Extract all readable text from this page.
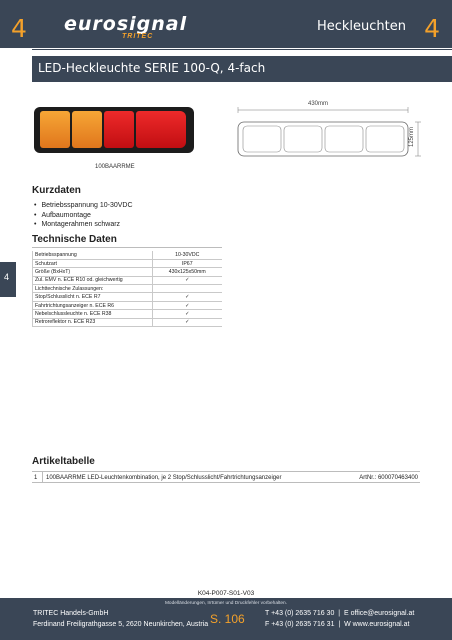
4 eurosignal
TRITEC
Heckleuchten 4
LED-Heckleuchte SERIE 100-Q, 4-fach
100BAARRME
430mm
125mm
4
Kurzdaten
• Betriebsspannung 10-30VDC
• Aufbaumontage
• Montagerahmen schwarz
Technische Daten
Betriebsspannung	10-30VDC
Schutzart	IP67
Größe (BxHxT)	430x125x50mm
Zul. EMV n. ECE R10 od. gleichwertig	✓
Lichttechnische Zulassungen:	
Stop/Schlusslicht n. ECE R7	✓
Fahrtrichtungsanzeiger n. ECE R6	✓
Nebelschlussleuchte n. ECE R38	✓
Retroreflektor n. ECE R23	✓
Artikeltabelle
1 100BAARRME LED-Leuchtenkombination, je 2 Stop/Schlusslicht/Fahrtrichtungsanzeiger	ArtNr.: 600070463400
K04-P007-S01-V03
Modelländerungen, Irrtümer und Druckfehler vorbehalten.
TRITEC Handels-GmbH
Ferdinand Freiligrathgasse 5, 2620 Neunkirchen, Austria S. 106	T +43 (0) 2635 716 30 | E office@eurosignal.at
F +43 (0) 2635 716 31 | W www.eurosignal.at
